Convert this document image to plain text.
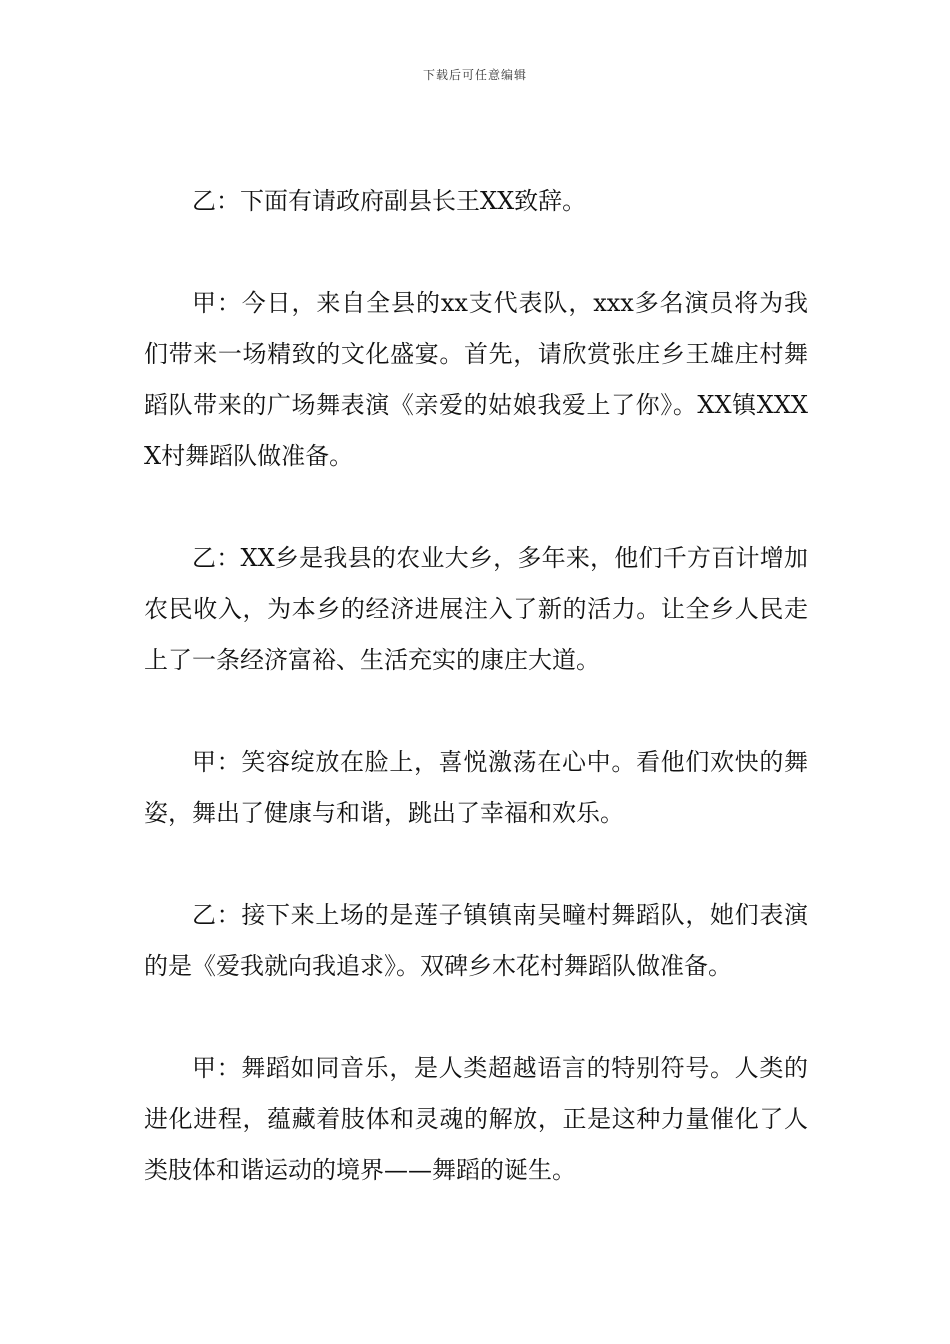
下载后可任意编辑

乙：下面有请政府副县长王XX致辞。

甲：今日，来自全县的xx支代表队，xxx多名演员将为我们带来一场精致的文化盛宴。首先，请欣赏张庄乡王雄庄村舞蹈队带来的广场舞表演《亲爱的姑娘我爱上了你》。XX镇XXXX村舞蹈队做准备。

乙：XX乡是我县的农业大乡，多年来，他们千方百计增加农民收入，为本乡的经济进展注入了新的活力。让全乡人民走上了一条经济富裕、生活充实的康庄大道。

甲：笑容绽放在脸上，喜悦激荡在心中。看他们欢快的舞姿，舞出了健康与和谐，跳出了幸福和欢乐。

乙：接下来上场的是莲子镇镇南吴疃村舞蹈队，她们表演的是《爱我就向我追求》。双碑乡木花村舞蹈队做准备。

甲：舞蹈如同音乐，是人类超越语言的特别符号。人类的进化进程，蕴藏着肢体和灵魂的解放，正是这种力量催化了人类肢体和谐运动的境界——舞蹈的诞生。
